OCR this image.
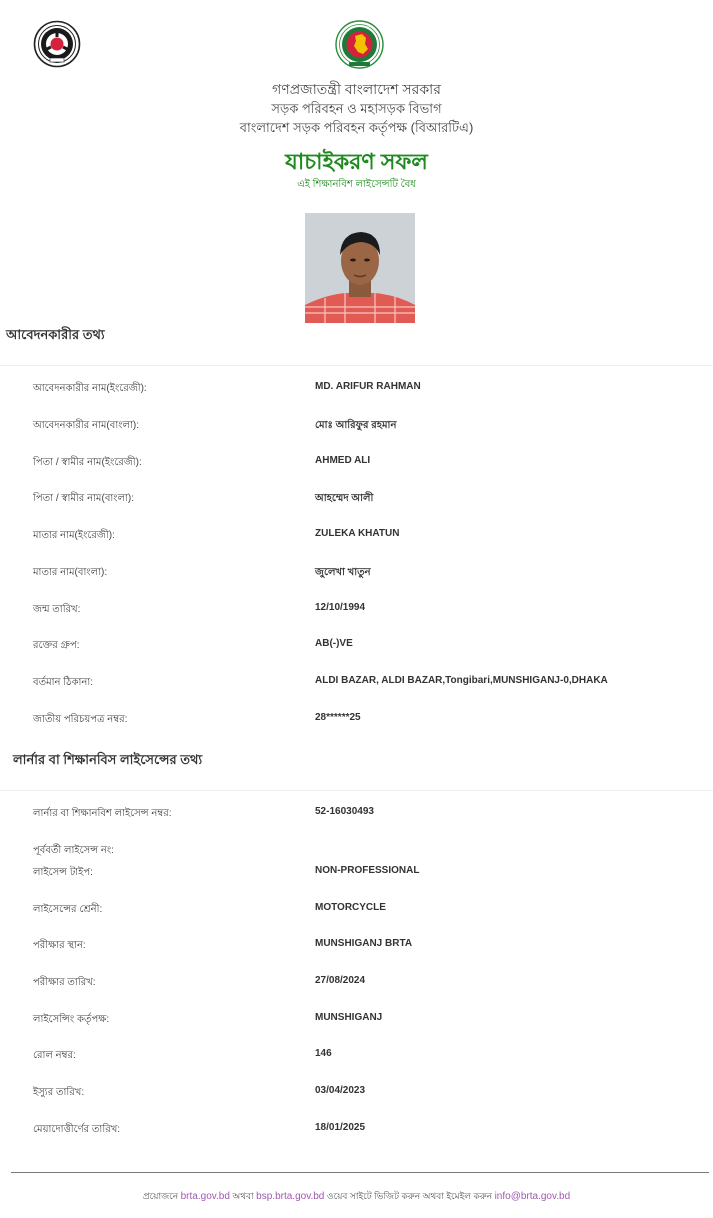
গণপ্রজাতন্ত্রী বাংলাদেশ সরকার
সড়ক পরিবহন ও মহাসড়ক বিভাগ
বাংলাদেশ সড়ক পরিবহন কর্তৃপক্ষ (বিআরটিএ)
যাচাইকরণ সফল
এই শিক্ষানবিশ লাইসেন্সটি বৈধ
আবেদনকারীর তথ্য
আবেদনকারীর নাম(ইংরেজী):	MD. ARIFUR RAHMAN
আবেদনকারীর নাম(বাংলা):	মোঃ আরিফুর রহমান
পিতা / স্বামীর নাম(ইংরেজী):	AHMED ALI
পিতা / স্বামীর নাম(বাংলা):	আহম্মেদ আলী
মাতার নাম(ইংরেজী):	ZULEKA KHATUN
মাতার নাম(বাংলা):	জুলেখা খাতুন
জন্ম তারিখ:	12/10/1994
রক্তের গ্রুপ:	AB(-)VE
বর্তমান ঠিকানা:	ALDI BAZAR, ALDI BAZAR,Tongibari,MUNSHIGANJ-0,DHAKA
জাতীয় পরিচয়পত্র নম্বর:	28******25
লার্নার বা শিক্ষানবিস লাইসেন্সের তথ্য
লার্নার বা শিক্ষানবিশ লাইসেন্স নম্বর:	52-16030493
পূর্ববর্তী লাইসেন্স নং:
লাইসেন্স টাইপ:	NON-PROFESSIONAL
লাইসেন্সের শ্রেনী:	MOTORCYCLE
পরীক্ষার স্থান:	MUNSHIGANJ BRTA
পরীক্ষার তারিখ:	27/08/2024
লাইসেন্সিং কর্তৃপক্ষ:	MUNSHIGANJ
রোল নম্বর:	146
ইস্যুর তারিখ:	03/04/2023
মেয়াদোত্তীর্ণের তারিখ:	18/01/2025
প্রয়োজনে brta.gov.bd অথবা bsp.brta.gov.bd ওয়েব সাইটে ভিজিট করুন অথবা ইমেইল করুন info@brta.gov.bd
